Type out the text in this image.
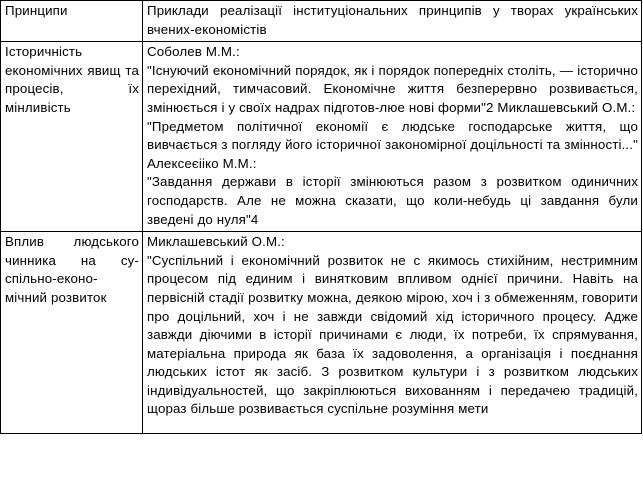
Принципи	Приклади реалізації інституціональних принципів у творах українських вчених-економістів
Історичність економічних явищ та процесів, їх мінливість	Соболев М.М.:
"Існуючий економічний порядок, як і порядок попередніх століть, — історично перехідний, тимчасовий. Економічне життя безперервно розвивається, змінюється і у своїх надрах підготов-люе нові форми"2 Миклашевський О.М.:
"Предметом політичної економії є людське господарське життя, що вивчається з погляду його історичної закономірної доцільності та змінності..." Алексеєііко М.М.:
"Завдання держави в історії змінюються разом з розвитком одиничних господарств. Але не можна сказати, що коли-небудь ці завдання були зведені до нуля"4

Вплив людського чинника на су-спільно-еконо-мічний розвиток	Миклашевський О.М.:
"Суспільний і економічний розвиток не с якимось стихійним, нестримним процесом під единим і винятковим впливом однієї причини. Навіть на первісній стадії розвитку можна, деякою мірою, хоч і з обмеженням, говорити про доцільний, хоч і не завжди свідомий хід історичного процесу. Адже завжди діючими в історії причинами є люди, їх потреби, їх спрямування, матеріальна природа як база їх задоволення, а організація і поєднання людських істот як засіб. З розвитком культури і з розвитком людських індивідуальностей, що закріплюються вихованням і передачею традицій, щораз більше розвивається суспільне розуміння мети
